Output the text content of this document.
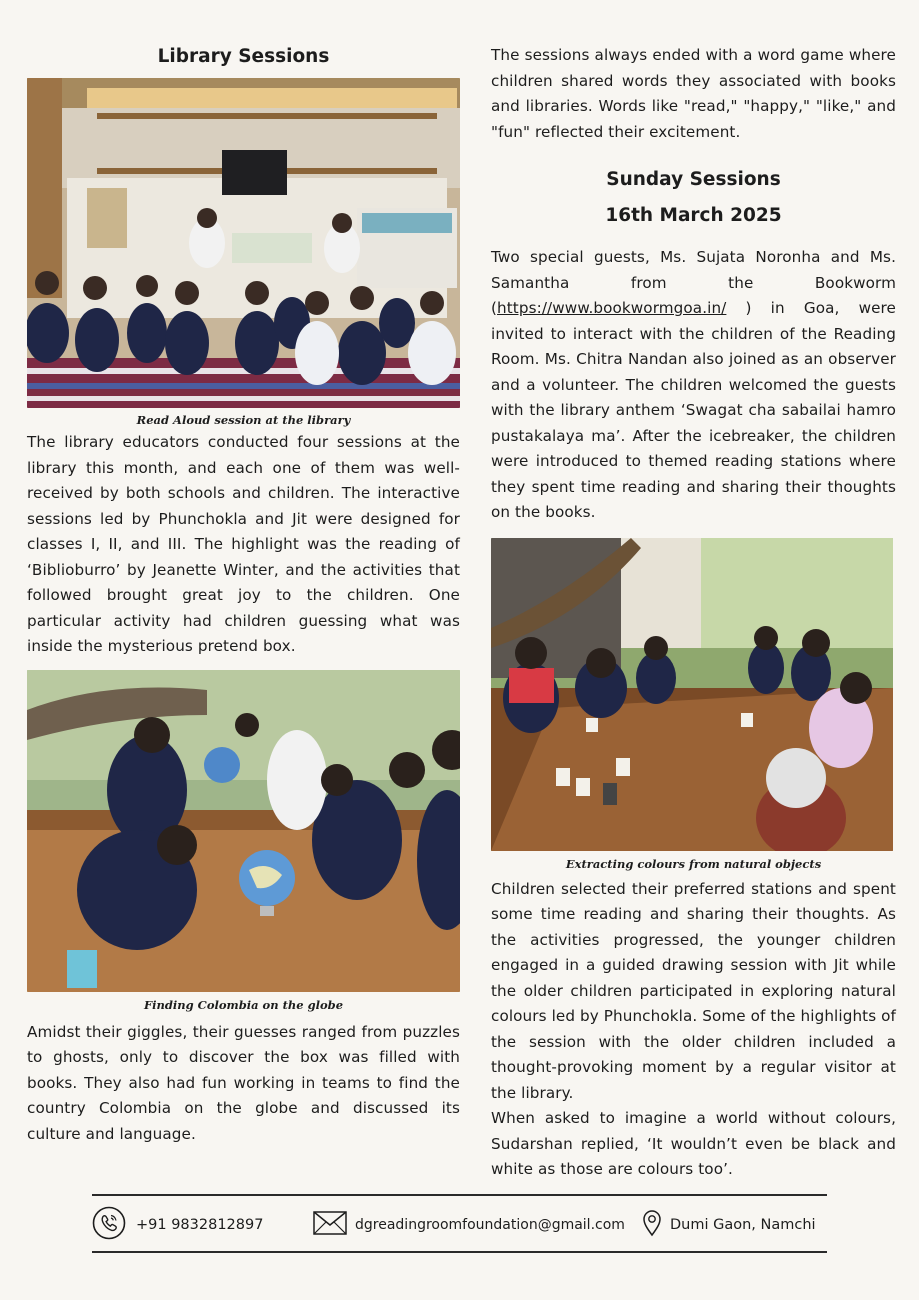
Library Sessions
Read Aloud session at the library
The library educators conducted four sessions at the library this month, and each one of them was well-received by both schools and children. The interactive sessions led by Phunchokla and Jit were designed for classes I, II, and III. The highlight was the reading of ‘Biblioburro’ by Jeanette Winter, and the activities that followed brought great joy to the children. One particular activity had children guessing what was inside the mysterious pretend box.
Finding Colombia on the globe
Amidst their giggles, their guesses ranged from puzzles to ghosts, only to discover the box was filled with books. They also had fun working in teams to find the country Colombia on the globe and discussed its culture and language.
The sessions always ended with a word game where children shared words they associated with books and libraries. Words like "read," "happy," "like," and "fun" reflected their excitement.
Sunday Sessions
16th March 2025
Two special guests, Ms. Sujata Noronha and Ms. Samantha from the Bookworm (https://www.bookwormgoa.in/ ) in Goa, were invited to interact with the children of the Reading Room. Ms. Chitra Nandan also joined as an observer and a volunteer. The children welcomed the guests with the library anthem ‘Swagat cha sabailai hamro pustakalaya ma’. After the icebreaker, the children were introduced to themed reading stations where they spent time reading and sharing their thoughts on the books.
Extracting colours from natural objects
Children selected their preferred stations and spent some time reading and sharing their thoughts. As the activities progressed, the younger children engaged in a guided drawing session with Jit while the older children participated in exploring natural colours led by Phunchokla. Some of the highlights of the session with the older children included a thought-provoking moment by a regular visitor at the library.
When asked to imagine a world without colours, Sudarshan replied, ‘It wouldn’t even be black and white as those are colours too’.
+91 9832812897	dgreadingroomfoundation@gmail.com	Dumi Gaon, Namchi
